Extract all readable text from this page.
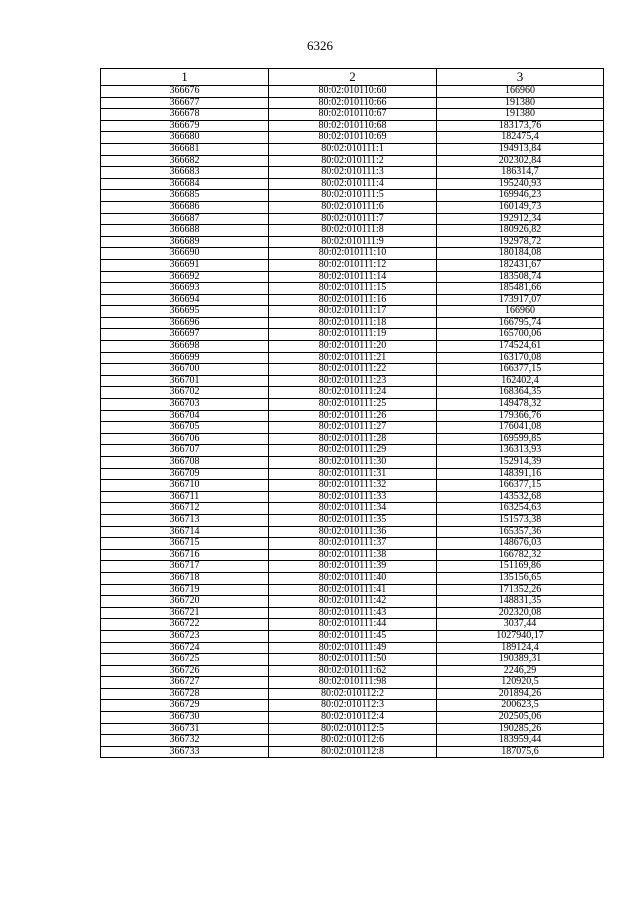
6326
1	2	3
366676	80:02:010110:60	166960
366677	80:02:010110:66	191380
366678	80:02:010110:67	191380
366679	80:02:010110:68	183173,76
366680	80:02:010110:69	182475,4
366681	80:02:010111:1	194913,84
366682	80:02:010111:2	202302,84
366683	80:02:010111:3	186314,7
366684	80:02:010111:4	195240,93
366685	80:02:010111:5	169946,23
366686	80:02:010111:6	160149,73
366687	80:02:010111:7	192912,34
366688	80:02:010111:8	180926,82
366689	80:02:010111:9	192978,72
366690	80:02:010111:10	180184,08
366691	80:02:010111:12	182431,67
366692	80:02:010111:14	183508,74
366693	80:02:010111:15	185481,66
366694	80:02:010111:16	173917,07
366695	80:02:010111:17	166960
366696	80:02:010111:18	166795,74
366697	80:02:010111:19	165700,06
366698	80:02:010111:20	174524,61
366699	80:02:010111:21	163170,08
366700	80:02:010111:22	166377,15
366701	80:02:010111:23	162402,4
366702	80:02:010111:24	168364,35
366703	80:02:010111:25	149478,32
366704	80:02:010111:26	179366,76
366705	80:02:010111:27	176041,08
366706	80:02:010111:28	169599,85
366707	80:02:010111:29	136313,93
366708	80:02:010111:30	152914,39
366709	80:02:010111:31	148391,16
366710	80:02:010111:32	166377,15
366711	80:02:010111:33	143532,68
366712	80:02:010111:34	163254,63
366713	80:02:010111:35	151573,38
366714	80:02:010111:36	165357,36
366715	80:02:010111:37	148676,03
366716	80:02:010111:38	166782,32
366717	80:02:010111:39	151169,86
366718	80:02:010111:40	135156,65
366719	80:02:010111:41	171352,26
366720	80:02:010111:42	148831,35
366721	80:02:010111:43	202320,08
366722	80:02:010111:44	3037,44
366723	80:02:010111:45	1027940,17
366724	80:02:010111:49	189124,4
366725	80:02:010111:50	190389,31
366726	80:02:010111:62	2246,29
366727	80:02:010111:98	120920,5
366728	80:02:010112:2	201894,26
366729	80:02:010112:3	200623,5
366730	80:02:010112:4	202505,06
366731	80:02:010112:5	190285,26
366732	80:02:010112:6	183959,44
366733	80:02:010112:8	187075,6
